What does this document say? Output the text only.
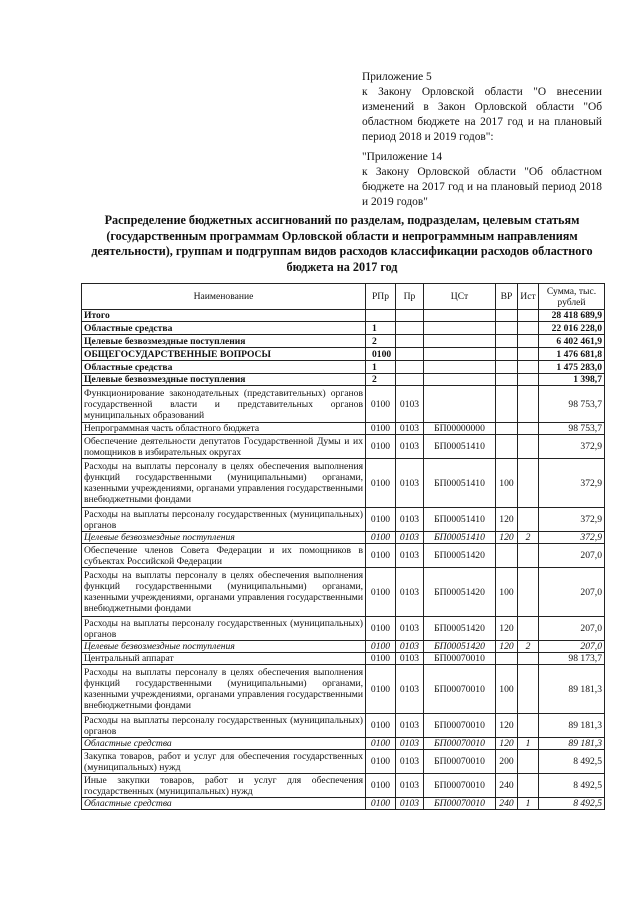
Приложение 5

к Закону Орловской области "О внесении изменений в Закон Орловской области "Об областном бюджете на 2017 год и на плановый период 2018 и 2019 годов":

"Приложение 14

к Закону Орловской области "Об областном бюджете на 2017 год и на плановый период 2018 и 2019 годов"

Распределение бюджетных ассигнований по разделам, подразделам, целевым статьям (государственным программам Орловской области и непрограммным направлениям деятельности), группам и подгруппам видов расходов классификации расходов областного бюджета на 2017 год
Наименование	РПр	Пр	ЦСт	ВР	Ист	Сумма, тыс. рублей
Итого						28 418 689,9
Областные средства	1					22 016 228,0
Целевые безвозмездные поступления	2					6 402 461,9
ОБЩЕГОСУДАРСТВЕННЫЕ ВОПРОСЫ	0100					1 476 681,8
Областные средства	1					1 475 283,0
Целевые безвозмездные поступления	2					1 398,7
Функционирование законодательных (представительных) органов государственной власти и представительных органов муниципальных образований	0100	0103				98 753,7
Непрограммная часть областного бюджета	0100	0103	БП00000000			98 753,7
Обеспечение деятельности депутатов Государственной Думы и их помощников в избирательных округах	0100	0103	БП00051410			372,9
Расходы на выплаты персоналу в целях обеспечения выполнения функций государственными (муниципальными) органами, казенными учреждениями, органами управления государственными внебюджетными фондами	0100	0103	БП00051410	100		372,9
Расходы на выплаты персоналу государственных (муниципальных) органов	0100	0103	БП00051410	120		372,9
Целевые безвозмездные поступления	0100	0103	БП00051410	120	2	372,9
Обеспечение членов Совета Федерации и их помощников в субъектах Российской Федерации	0100	0103	БП00051420			207,0
Расходы на выплаты персоналу в целях обеспечения выполнения функций государственными (муниципальными) органами, казенными учреждениями, органами управления государственными внебюджетными фондами	0100	0103	БП00051420	100		207,0
Расходы на выплаты персоналу государственных (муниципальных) органов	0100	0103	БП00051420	120		207,0
Целевые безвозмездные поступления	0100	0103	БП00051420	120	2	207,0
Центральный аппарат	0100	0103	БП00070010			98 173,7
Расходы на выплаты персоналу в целях обеспечения выполнения функций государственными (муниципальными) органами, казенными учреждениями, органами управления государственными внебюджетными фондами	0100	0103	БП00070010	100		89 181,3
Расходы на выплаты персоналу государственных (муниципальных) органов	0100	0103	БП00070010	120		89 181,3
Областные средства	0100	0103	БП00070010	120	1	89 181,3
Закупка товаров, работ и услуг для обеспечения государственных (муниципальных) нужд	0100	0103	БП00070010	200		8 492,5
Иные закупки товаров, работ и услуг для обеспечения государственных (муниципальных) нужд	0100	0103	БП00070010	240		8 492,5
Областные средства	0100	0103	БП00070010	240	1	8 492,5
